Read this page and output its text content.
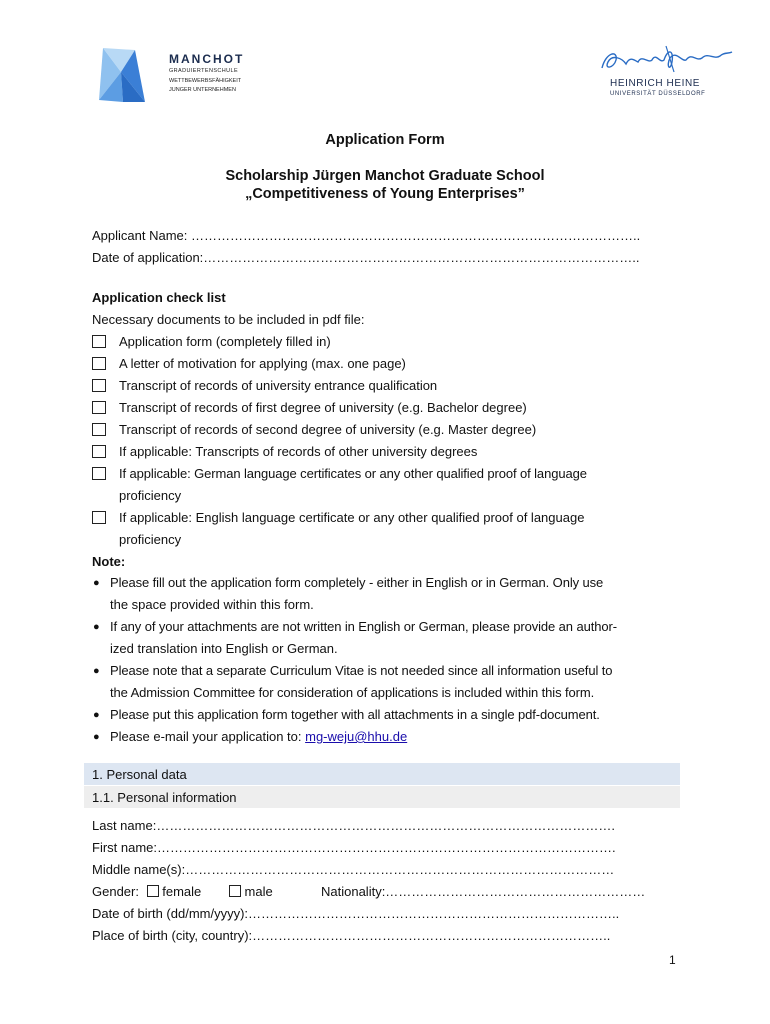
MANCHOT
GRADUIERTENSCHULE
WETTBEWERBSFÄHIGKEIT
JUNGER UNTERNEHMEN
HEINRICH HEINE
UNIVERSITÄT DÜSSELDORF
Application Form
Scholarship Jürgen Manchot Graduate School
„Competitiveness of Young Enterprises”
Applicant Name: …………………………………………………………………………………………..
Date of application:………………………………………………………………………………………..
Application check list
Necessary documents to be included in pdf file:
Application form (completely filled in)
A letter of motivation for applying (max. one page)
Transcript of records of university entrance qualification
Transcript of records of first degree of university (e.g. Bachelor degree)
Transcript of records of second degree of university (e.g. Master degree)
If applicable: Transcripts of records of other university degrees
If applicable: German language certificates or any other qualified proof of language
proficiency
If applicable: English language certificate or any other qualified proof of language
proficiency
Note:
● Please fill out the application form completely - either in English or in German. Only use
the space provided within this form.
● If any of your attachments are not written in English or German, please provide an author-
ized translation into English or German.
● Please note that a separate Curriculum Vitae is not needed since all information useful to
the Admission Committee for consideration of applications is included within this form.
● Please put this application form together with all attachments in a single pdf-document.
● Please e-mail your application to: mg-weju@hhu.de
1. Personal data
1.1. Personal information
Last name:…………………………………………………………………………………………….
First name:…………………………………………………………………………………………….
Middle name(s):………………………………………………………………………………………
Gender: female	male	Nationality:……………………………………………………
Date of birth (dd/mm/yyyy):…………………………………………………………………………..
Place of birth (city, country):………………………………………………………………………..
1
